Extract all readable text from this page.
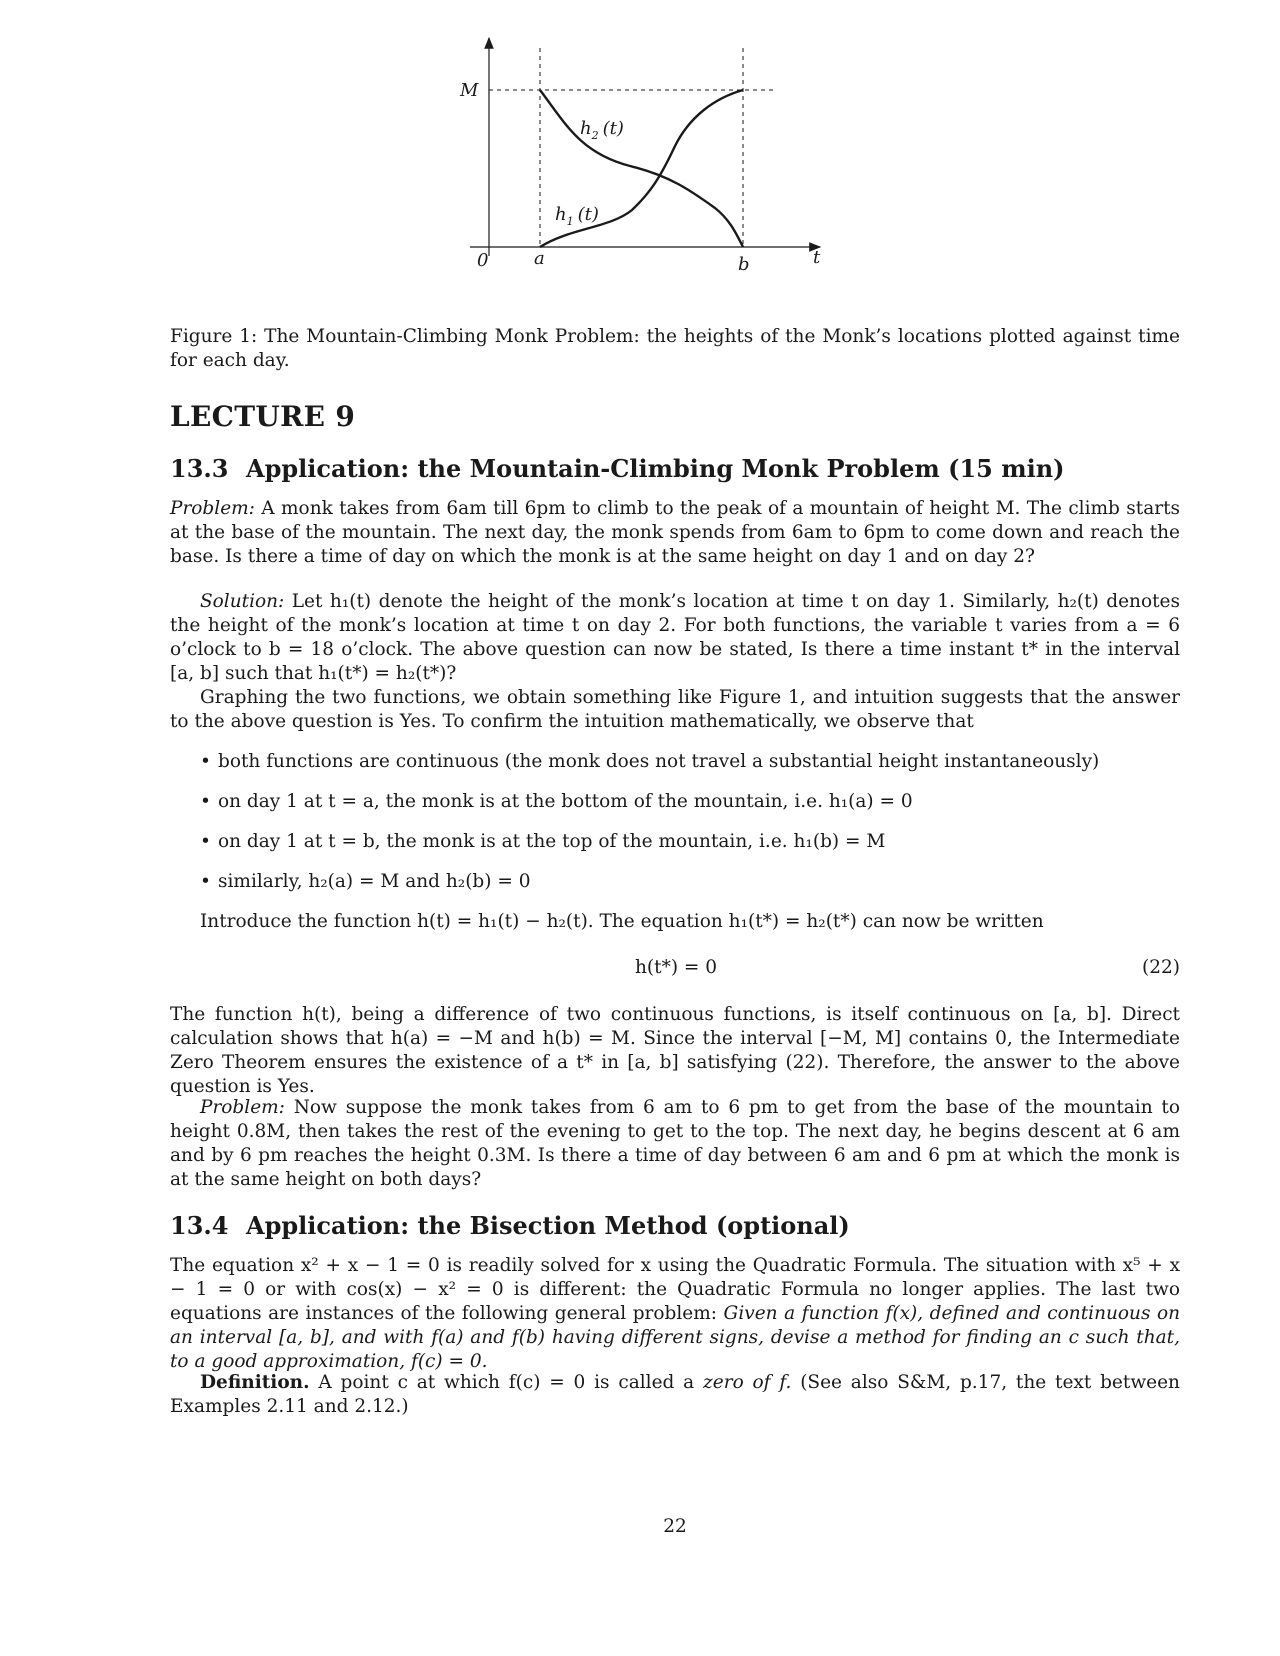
M
$h_2$ (t)
$h_1$ (t)
0	a	b	t
Figure 1: The Mountain-Climbing Monk Problem: the heights of the Monk’s locations plotted against time for each day.
LECTURE 9
13.3 Application: the Mountain-Climbing Monk Problem (15 min)
Problem: A monk takes from 6am till 6pm to climb to the peak of a mountain of height M. The climb starts at the base of the mountain. The next day, the monk spends from 6am to 6pm to come down and reach the base. Is there a time of day on which the monk is at the same height on day 1 and on day 2?
Solution: Let h₁(t) denote the height of the monk’s location at time t on day 1. Similarly, h₂(t) denotes the height of the monk’s location at time t on day 2. For both functions, the variable t varies from a = 6 o’clock to b = 18 o’clock. The above question can now be stated, Is there a time instant t* in the interval [a, b] such that h₁(t*) = h₂(t*)?
Graphing the two functions, we obtain something like Figure 1, and intuition suggests that the answer to the above question is Yes. To confirm the intuition mathematically, we observe that
• both functions are continuous (the monk does not travel a substantial height instantaneously)
• on day 1 at t = a, the monk is at the bottom of the mountain, i.e. h₁(a) = 0
• on day 1 at t = b, the monk is at the top of the mountain, i.e. h₁(b) = M
• similarly, h₂(a) = M and h₂(b) = 0
Introduce the function h(t) = h₁(t) − h₂(t). The equation h₁(t*) = h₂(t*) can now be written
h(t*) = 0	(22)
The function h(t), being a difference of two continuous functions, is itself continuous on [a, b]. Direct calculation shows that h(a) = −M and h(b) = M. Since the interval [−M, M] contains 0, the Intermediate Zero Theorem ensures the existence of a t* in [a, b] satisfying (22). Therefore, the answer to the above question is Yes.
Problem: Now suppose the monk takes from 6 am to 6 pm to get from the base of the mountain to height 0.8M, then takes the rest of the evening to get to the top. The next day, he begins descent at 6 am and by 6 pm reaches the height 0.3M. Is there a time of day between 6 am and 6 pm at which the monk is at the same height on both days?
13.4 Application: the Bisection Method (optional)
The equation x² + x − 1 = 0 is readily solved for x using the Quadratic Formula. The situation with x⁵ + x − 1 = 0 or with cos(x) − x² = 0 is different: the Quadratic Formula no longer applies. The last two equations are instances of the following general problem: Given a function f(x), defined and continuous on an interval [a, b], and with f(a) and f(b) having different signs, devise a method for finding an c such that, to a good approximation, f(c) = 0.
Definition. A point c at which f(c) = 0 is called a zero of f. (See also S&M, p.17, the text between Examples 2.11 and 2.12.)
22
